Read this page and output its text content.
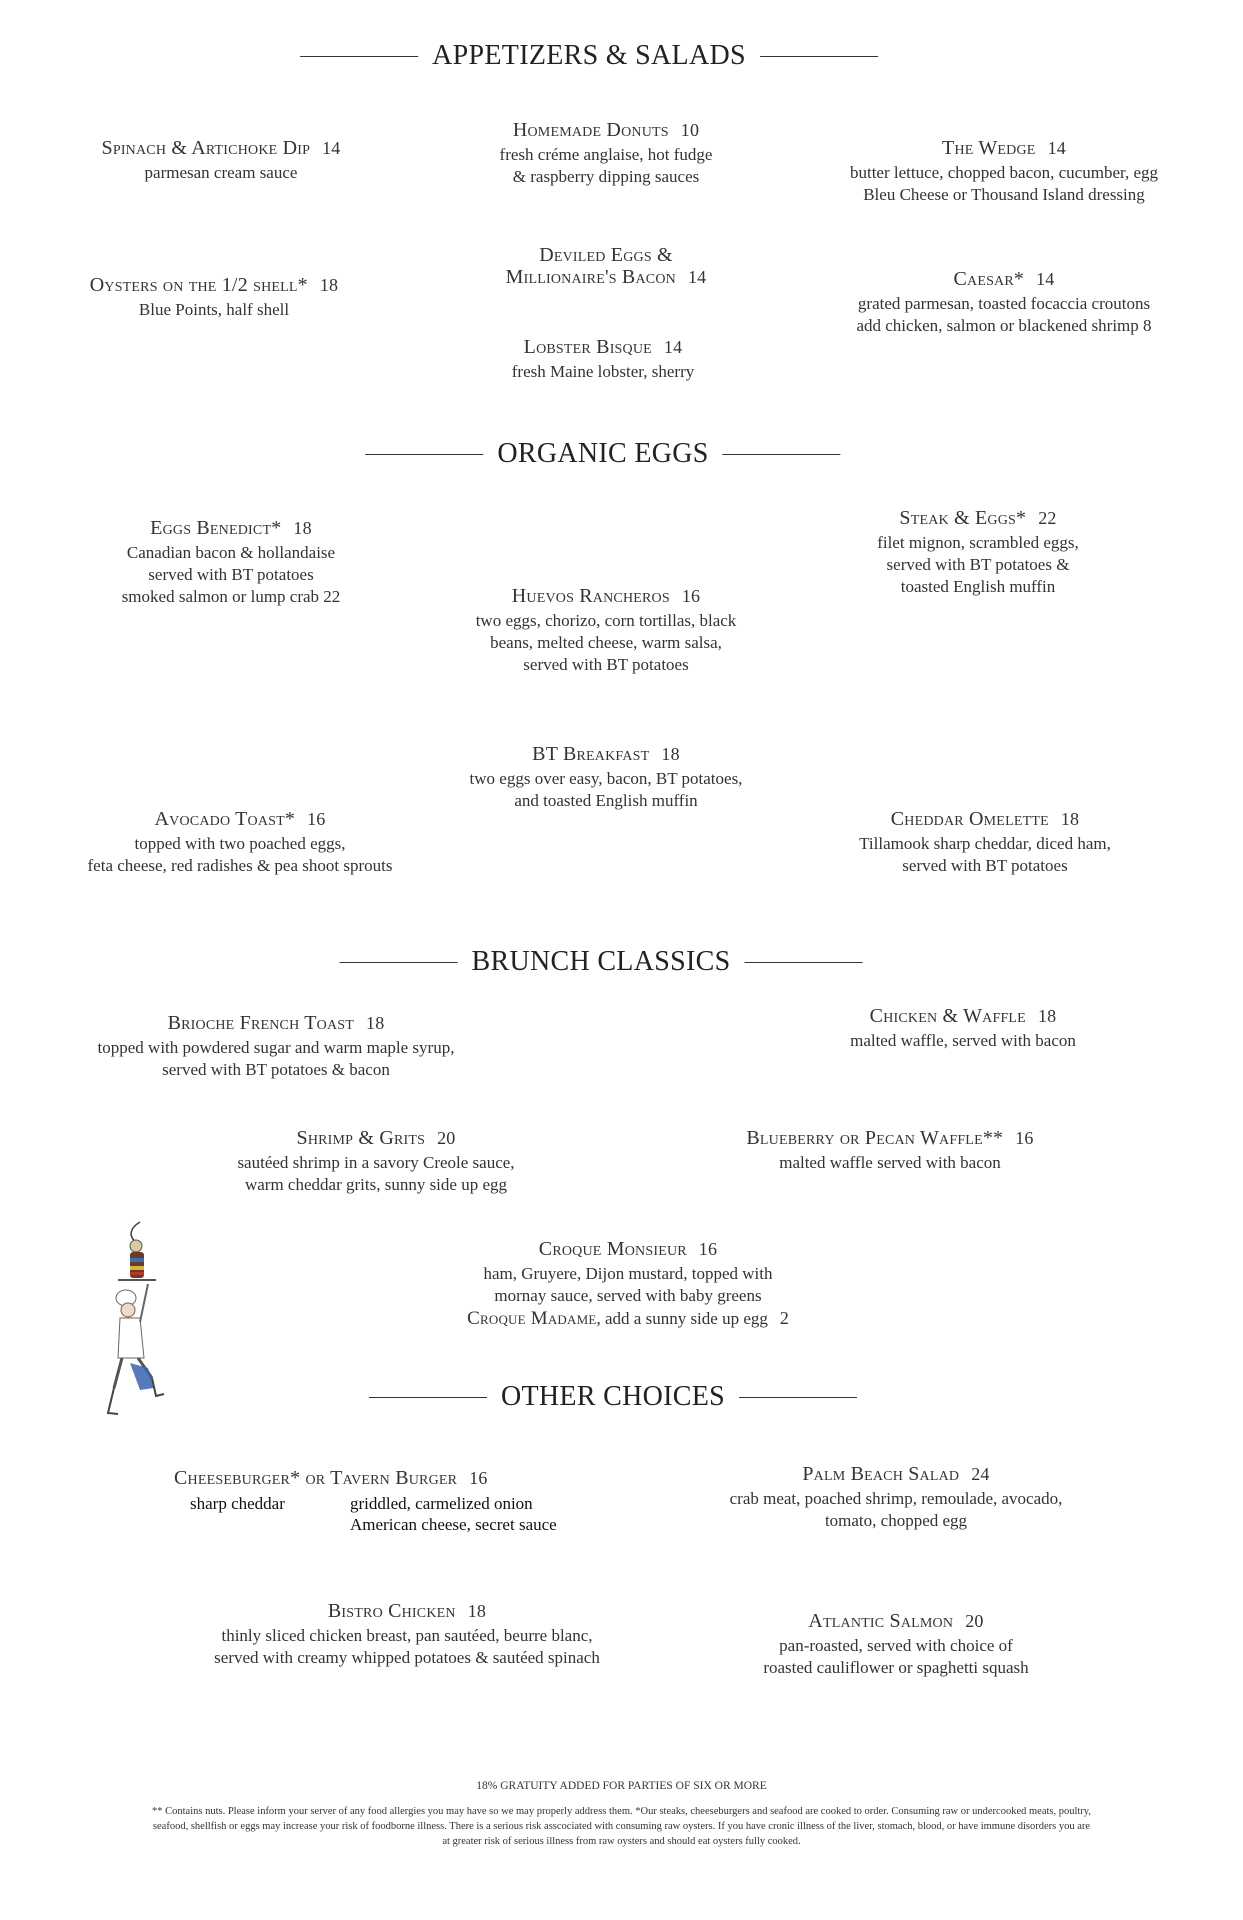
APPETIZERS & SALADS
Spinach & Artichoke Dip 14
parmesan cream sauce
Oysters on the 1/2 shell* 18
Blue Points, half shell
Homemade Donuts 10
fresh créme anglaise, hot fudge
& raspberry dipping sauces
Deviled Eggs &
Millionaire's Bacon 14
Lobster Bisque 14
fresh Maine lobster, sherry
The Wedge 14
butter lettuce, chopped bacon, cucumber, egg
Bleu Cheese or Thousand Island dressing
Caesar* 14
grated parmesan, toasted focaccia croutons
add chicken, salmon or blackened shrimp 8
ORGANIC EGGS
Eggs Benedict* 18
Canadian bacon & hollandaise
served with BT potatoes
smoked salmon or lump crab 22	Huevos Rancheros 16
two eggs, chorizo, corn tortillas, black
beans, melted cheese, warm salsa,
served with BT potatoes
Steak & Eggs* 22
filet mignon, scrambled eggs,
served with BT potatoes &
toasted English muffin
BT Breakfast 18
two eggs over easy, bacon, BT potatoes,
and toasted English muffin
Avocado Toast* 16
topped with two poached eggs,
feta cheese, red radishes & pea shoot sprouts
Cheddar Omelette 18
Tillamook sharp cheddar, diced ham,
served with BT potatoes
BRUNCH CLASSICS
Brioche French Toast 18
topped with powdered sugar and warm maple syrup,
served with BT potatoes & bacon
Chicken & Waffle 18
malted waffle, served with bacon
Shrimp & Grits 20
sautéed shrimp in a savory Creole sauce,
warm cheddar grits, sunny side up egg
Blueberry or Pecan Waffle** 16
malted waffle served with bacon
Croque Monsieur 16
ham, Gruyere, Dijon mustard, topped with
mornay sauce, served with baby greens
Croque Madame, add a sunny side up egg 2
OTHER CHOICES
Cheeseburger* or Tavern Burger 16
sharp cheddar	griddled, carmelized onion
American cheese, secret sauce
Palm Beach Salad 24
crab meat, poached shrimp, remoulade, avocado,
tomato, chopped egg
Bistro Chicken 18
thinly sliced chicken breast, pan sautéed, beurre blanc,
served with creamy whipped potatoes & sautéed spinach
Atlantic Salmon 20
pan-roasted, served with choice of
roasted cauliflower or spaghetti squash
18% GRATUITY ADDED FOR PARTIES OF SIX OR MORE
** Contains nuts. Please inform your server of any food allergies you may have so we may properly address them. *Our steaks, cheeseburgers and seafood are cooked to order. Consuming raw or undercooked meats, poultry, seafood, shellfish or eggs may increase your risk of foodborne illness. There is a serious risk asscociated with consuming raw oysters. If you have cronic illness of the liver, stomach, blood, or have immune disorders you are at greater risk of serious illness from raw oysters and should eat oysters fully cooked.
